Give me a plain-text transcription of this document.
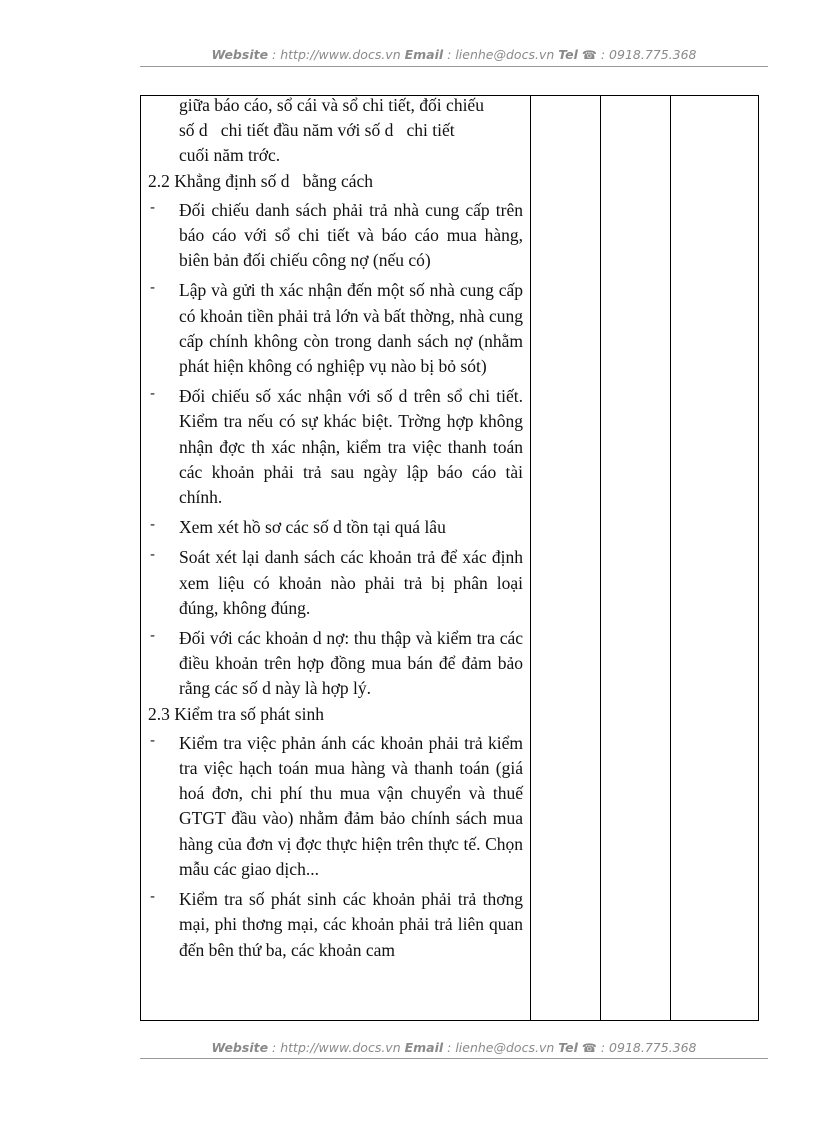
Website : http://www.docs.vn Email : lienhe@docs.vn Tel ☎ : 0918.775.368

giữa báo cáo, sổ cái và sổ chi tiết, đối chiếu

số d   chi tiết đầu năm với số d   chi tiết

cuối năm trớc.

2.2 Khẳng định số d   bằng cách

- Đối chiếu danh sách phải trả nhà cung cấp trên báo cáo với sổ chi tiết và báo cáo mua hàng, biên bản đối chiếu công nợ (nếu có)
- Lập và gửi th xác nhận đến một số nhà cung cấp có khoản tiền phải trả lớn và bất thờng, nhà cung cấp chính không còn trong danh sách nợ (nhằm phát hiện không có nghiệp vụ nào bị bỏ sót)
- Đối chiếu số xác nhận với số d trên sổ chi tiết. Kiểm tra nếu có sự khác biệt. Trờng hợp không nhận đợc th xác nhận, kiểm tra việc thanh toán các khoản phải trả sau ngày lập báo cáo tài chính.
- Xem xét hồ sơ các số d tồn tại quá lâu
- Soát xét lại danh sách các khoản trả để xác định xem liệu có khoản nào phải trả bị phân loại đúng, không đúng.
- Đối với các khoản d nợ: thu thập và kiểm tra các điều khoản trên hợp đồng mua bán để đảm bảo rằng các số d này là hợp lý.

2.3 Kiểm tra số phát sinh

- Kiểm tra việc phản ánh các khoản phải trả kiểm tra việc hạch toán mua hàng và thanh toán (giá hoá đơn, chi phí thu mua vận chuyển và thuế GTGT đầu vào) nhằm đảm bảo chính sách mua hàng của đơn vị đợc thực hiện trên thực tế. Chọn mẫu các giao dịch...
- Kiểm tra số phát sinh các khoản phải trả thơng mại, phi thơng mại, các khoản phải trả liên quan đến bên thứ ba, các khoản cam
Website : http://www.docs.vn Email : lienhe@docs.vn Tel ☎ : 0918.775.368
